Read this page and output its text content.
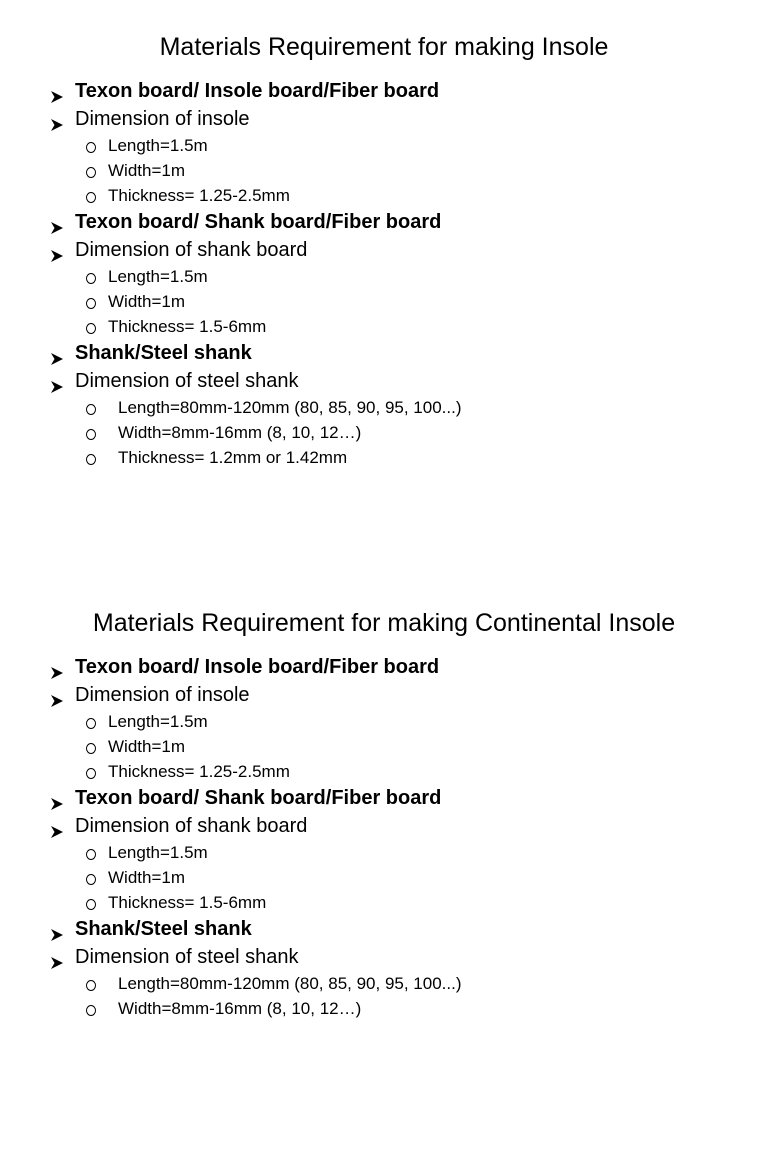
Materials Requirement for making Insole
Texon board/ Insole board/Fiber board
Dimension of insole
Length=1.5m
Width=1m
Thickness= 1.25-2.5mm
Texon board/ Shank board/Fiber board
Dimension of shank board
Length=1.5m
Width=1m
Thickness= 1.5-6mm
Shank/Steel shank
Dimension of steel shank
Length=80mm-120mm (80, 85, 90, 95, 100...)
Width=8mm-16mm (8, 10, 12…)
Thickness= 1.2mm or 1.42mm
Materials Requirement for making Continental Insole
Texon board/ Insole board/Fiber board
Dimension of insole
Length=1.5m
Width=1m
Thickness= 1.25-2.5mm
Texon board/ Shank board/Fiber board
Dimension of shank board
Length=1.5m
Width=1m
Thickness= 1.5-6mm
Shank/Steel shank
Dimension of steel shank
Length=80mm-120mm (80, 85, 90, 95, 100...)
Width=8mm-16mm (8, 10, 12…)
